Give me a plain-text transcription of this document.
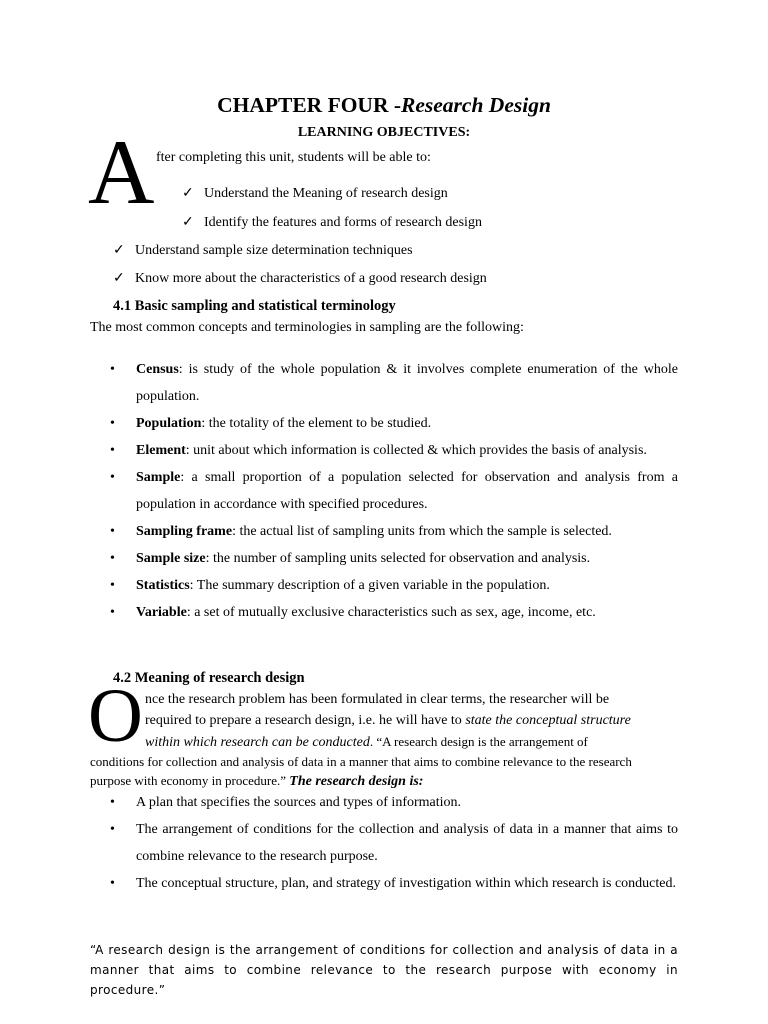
CHAPTER FOUR -Research Design
LEARNING OBJECTIVES:
A fter completing this unit, students will be able to:
✓ Understand the Meaning of research design
✓ Identify the features and forms of research design
✓ Understand sample size determination techniques
✓ Know more about the characteristics of a good research design
4.1 Basic sampling and statistical terminology
The most common concepts and terminologies in sampling are the following:
• Census: is study of the whole population & it involves complete enumeration of the whole population.
• Population: the totality of the element to be studied.
• Element: unit about which information is collected & which provides the basis of analysis.
• Sample: a small proportion of a population selected for observation and analysis from a population in accordance with specified procedures.
• Sampling frame: the actual list of sampling units from which the sample is selected.
• Sample size: the number of sampling units selected for observation and analysis.
• Statistics: The summary description of a given variable in the population.
• Variable: a set of mutually exclusive characteristics such as sex, age, income, etc.
4.2 Meaning of research design
O nce the research problem has been formulated in clear terms, the researcher will be
required to prepare a research design, i.e. he will have to state the conceptual structure
within which research can be conducted. “A research design is the arrangement of
conditions for collection and analysis of data in a manner that aims to combine relevance to the research
purpose with economy in procedure.” The research design is:
• A plan that specifies the sources and types of information.
• The arrangement of conditions for the collection and analysis of data in a manner that aims to combine relevance to the research purpose.
• The conceptual structure, plan, and strategy of investigation within which research is conducted.
“A research design is the arrangement of conditions for collection and analysis of data in a manner that aims to combine relevance to the research purpose with economy in procedure.”
